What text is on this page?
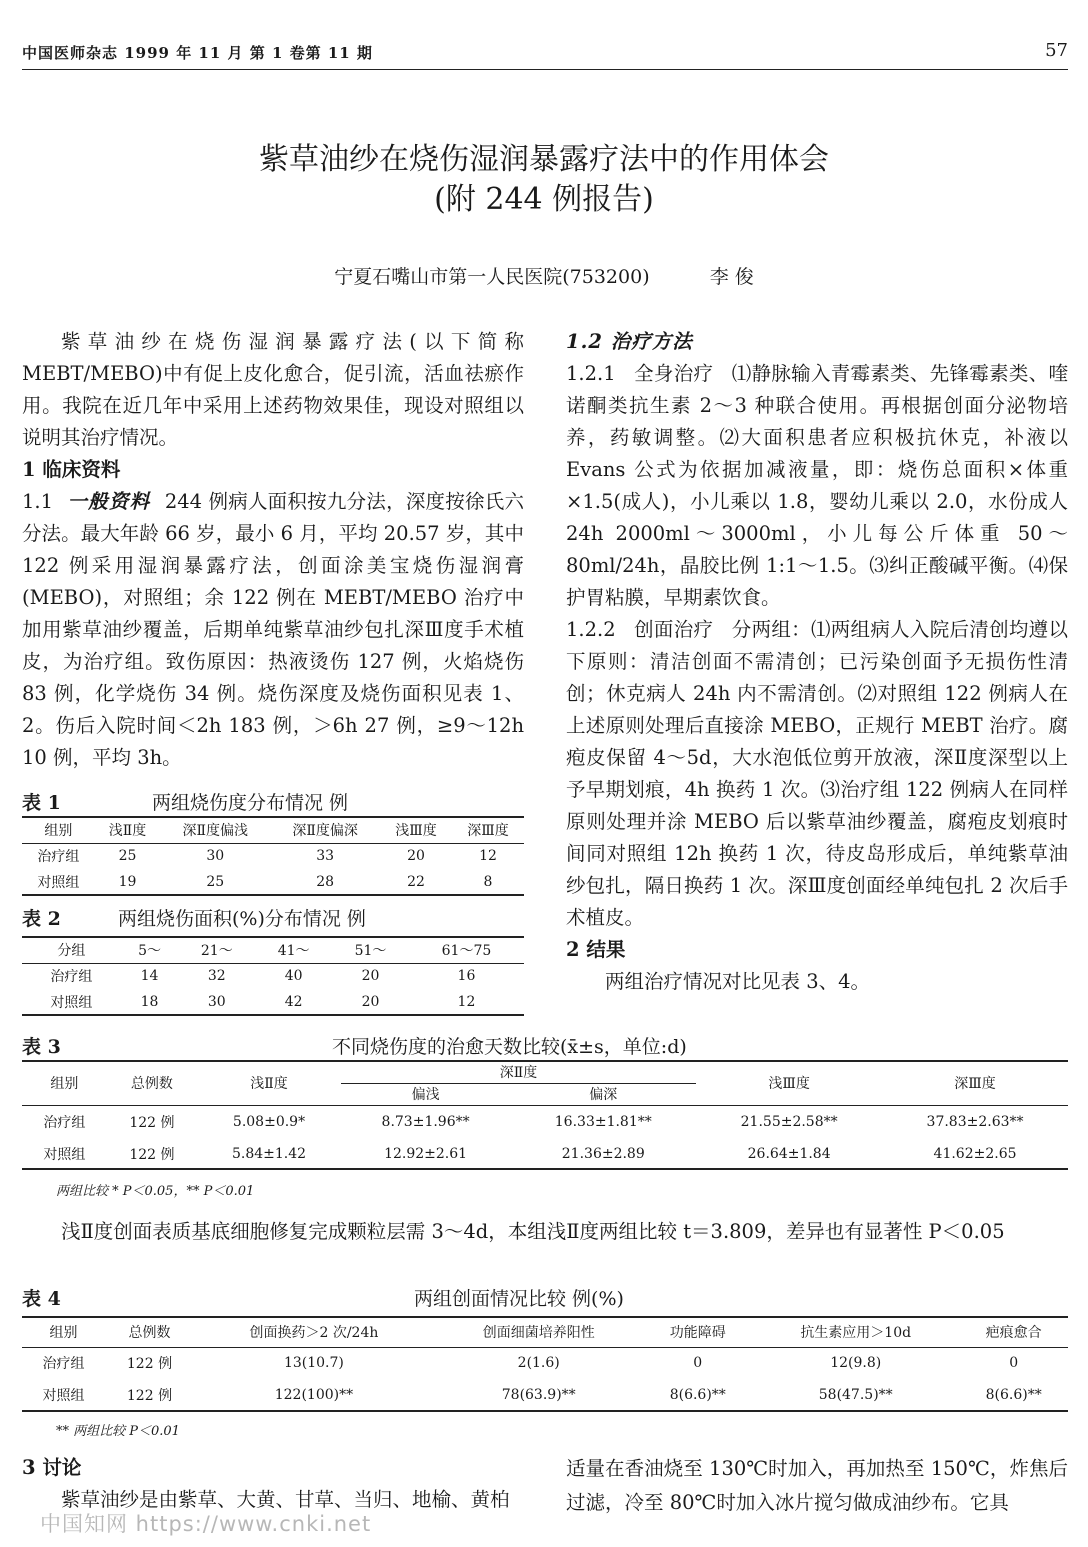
中国医师杂志 1999 年 11 月 第 1 卷第 11 期	57
紫草油纱在烧伤湿润暴露疗法中的作用体会
(附 244 例报告)
宁夏石嘴山市第一人民医院(753200)	李 俊

紫草油纱在烧伤湿润暴露疗法(以下简称 MEBT/MEBO)中有促上皮化愈合，促引流，活血祛瘀作用。我院在近几年中采用上述药物效果佳，现设对照组以说明其治疗情况。

1 临床资料

1.1 一般资料 244 例病人面积按九分法，深度按徐氏六分法。最大年龄 66 岁，最小 6 月，平均 20.57 岁，其中 122 例采用湿润暴露疗法，创面涂美宝烧伤湿润膏(MEBO)，对照组；余 122 例在 MEBT/MEBO 治疗中加用紫草油纱覆盖，后期单纯紫草油纱包扎深Ⅲ度手术植皮，为治疗组。致伤原因：热液烫伤 127 例，火焰烧伤 83 例，化学烧伤 34 例。烧伤深度及烧伤面积见表 1、2。伤后入院时间＜2h 183 例，＞6h 27 例，≥9～12h 10 例，平均 3h。

表 1	两组烧伤度分布情况 例
组别	浅Ⅱ度	深Ⅱ度偏浅	深Ⅱ度偏深	浅Ⅲ度	深Ⅲ度
治疗组	25	30	33	20	12
对照组	19	25	28	22	8
表 2	两组烧伤面积(%)分布情况 例
分组	5～	21～	41～	51～	61～75
治疗组	14	32	40	20	16
对照组	18	30	42	20	12

1.2 治疗方法

1.2.1 全身治疗 ⑴静脉输入青霉素类、先锋霉素类、喹诺酮类抗生素 2～3 种联合使用。再根据创面分泌物培养，药敏调整。⑵大面积患者应积极抗休克，补液以 Evans 公式为依据加减液量，即：烧伤总面积×体重×1.5(成人)，小儿乘以 1.8，婴幼儿乘以 2.0，水份成人 24h 2000ml～3000ml，小儿每公斤体重 50～80ml/24h，晶胶比例 1:1～1.5。⑶纠正酸碱平衡。⑷保护胃粘膜，早期素饮食。

1.2.2 创面治疗 分两组：⑴两组病人入院后清创均遵以下原则：清洁创面不需清创；已污染创面予无损伤性清创；休克病人 24h 内不需清创。⑵对照组 122 例病人在上述原则处理后直接涂 MEBO，正规行 MEBT 治疗。腐疱皮保留 4～5d，大水泡低位剪开放液，深Ⅱ度深型以上予早期划痕，4h 换药 1 次。⑶治疗组 122 例病人在同样原则处理并涂 MEBO 后以紫草油纱覆盖，腐疱皮划痕时间同对照组 12h 换药 1 次，待皮岛形成后，单纯紫草油纱包扎，隔日换药 1 次。深Ⅲ度创面经单纯包扎 2 次后手术植皮。

2 结果

两组治疗情况对比见表 3、4。

表 3	不同烧伤度的治愈天数比较(x̄±s，单位:d)
组别	总例数	浅Ⅱ度	深Ⅱ度		浅Ⅲ度	深Ⅲ度
			偏浅	偏深		
治疗组	122 例	5.08±0.9*	8.73±1.96**	16.33±1.81**	21.55±2.58**	37.83±2.63**
对照组	122 例	5.84±1.42	12.92±2.61	21.36±2.89	26.64±1.84	41.62±2.65
两组比较 * P＜0.05，** P＜0.01
浅Ⅱ度创面表质基底细胞修复完成颗粒层需 3～4d，本组浅Ⅱ度两组比较 t＝3.809，差异也有显著性 P＜0.05
表 4	两组创面情况比较 例(%)
组别	总例数	创面换药＞2 次/24h	创面细菌培养阳性	功能障碍	抗生素应用＞10d	疤痕愈合
治疗组	122 例	13(10.7)	2(1.6)	0	12(9.8)	0
对照组	122 例	122(100)**	78(63.9)**	8(6.6)**	58(47.5)**	8(6.6)**
** 两组比较 P＜0.01

3 讨论

紫草油纱是由紫草、大黄、甘草、当归、地榆、黄柏

适量在香油烧至 130℃时加入，再加热至 150℃，炸焦后过滤，冷至 80℃时加入冰片搅匀做成油纱布。它具
中国知网 https://www.cnki.net
